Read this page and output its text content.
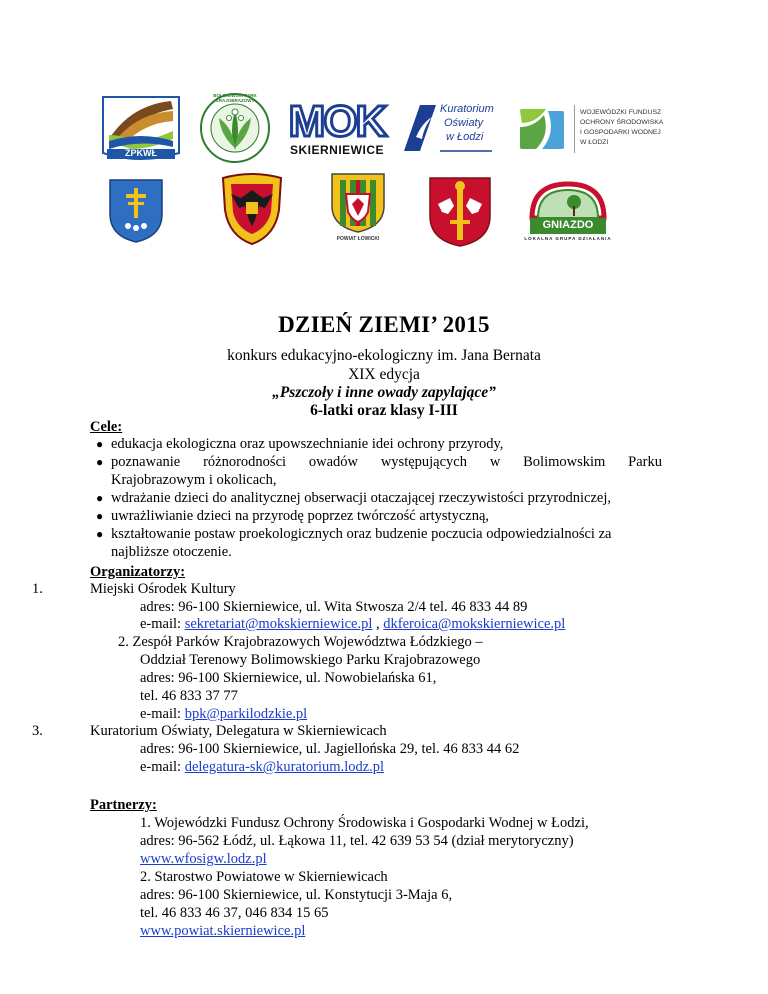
ZPKWŁ
BOLIMOWSKI PARK KRAJOBRAZOWY MOK
SKIERNIEWICE
Kuratorium
Oświaty
w Łodzi
WOJEWÓDZKI FUNDUSZ
OCHRONY ŚRODOWISKA
I GOSPODARKI WODNEJ
W ŁODZI
POWIAT ŁOWICKI
GNIAZDO
LOKALNA GRUPA DZIAŁANIA
DZIEŃ ZIEMI’ 2015
konkurs edukacyjno-ekologiczny im. Jana Bernata
XIX edycja
„Pszczoły i inne owady zapylające”
6-latki oraz klasy I-III
Cele:
● edukacja ekologiczna oraz upowszechnianie idei ochrony przyrody,
● poznawanie różnorodności owadów występujących w Bolimowskim Parku
Krajobrazowym i okolicach,
● wdrażanie dzieci do analitycznej obserwacji otaczającej rzeczywistości przyrodniczej,
● uwrażliwianie dzieci na przyrodę poprzez twórczość artystyczną,
● kształtowanie postaw proekologicznych oraz budzenie poczucia odpowiedzialności za
najbliższe otoczenie.
Organizatorzy:
1.	Miejski Ośrodek Kultury
adres: 96-100 Skierniewice, ul. Wita Stwosza 2/4 tel. 46 833 44 89
e-mail: sekretariat@mokskierniewice.pl , dkferoica@mokskierniewice.pl
2. Zespół Parków Krajobrazowych Województwa Łódzkiego –
Oddział Terenowy Bolimowskiego Parku Krajobrazowego
adres: 96-100 Skierniewice, ul. Nowobielańska 61,
tel. 46 833 37 77
e-mail: bpk@parkilodzkie.pl
3.	Kuratorium Oświaty, Delegatura w Skierniewicach
adres: 96-100 Skierniewice, ul. Jagiellońska 29, tel. 46 833 44 62
e-mail: delegatura-sk@kuratorium.lodz.pl
Partnerzy:
1. Wojewódzki Fundusz Ochrony Środowiska i Gospodarki Wodnej w Łodzi,
adres: 96-562 Łódź, ul. Łąkowa 11, tel. 42 639 53 54 (dział merytoryczny)
www.wfosigw.lodz.pl
2. Starostwo Powiatowe w Skierniewicach
adres: 96-100 Skierniewice, ul. Konstytucji 3-Maja 6,
tel. 46 833 46 37, 046 834 15 65
www.powiat.skierniewice.pl
